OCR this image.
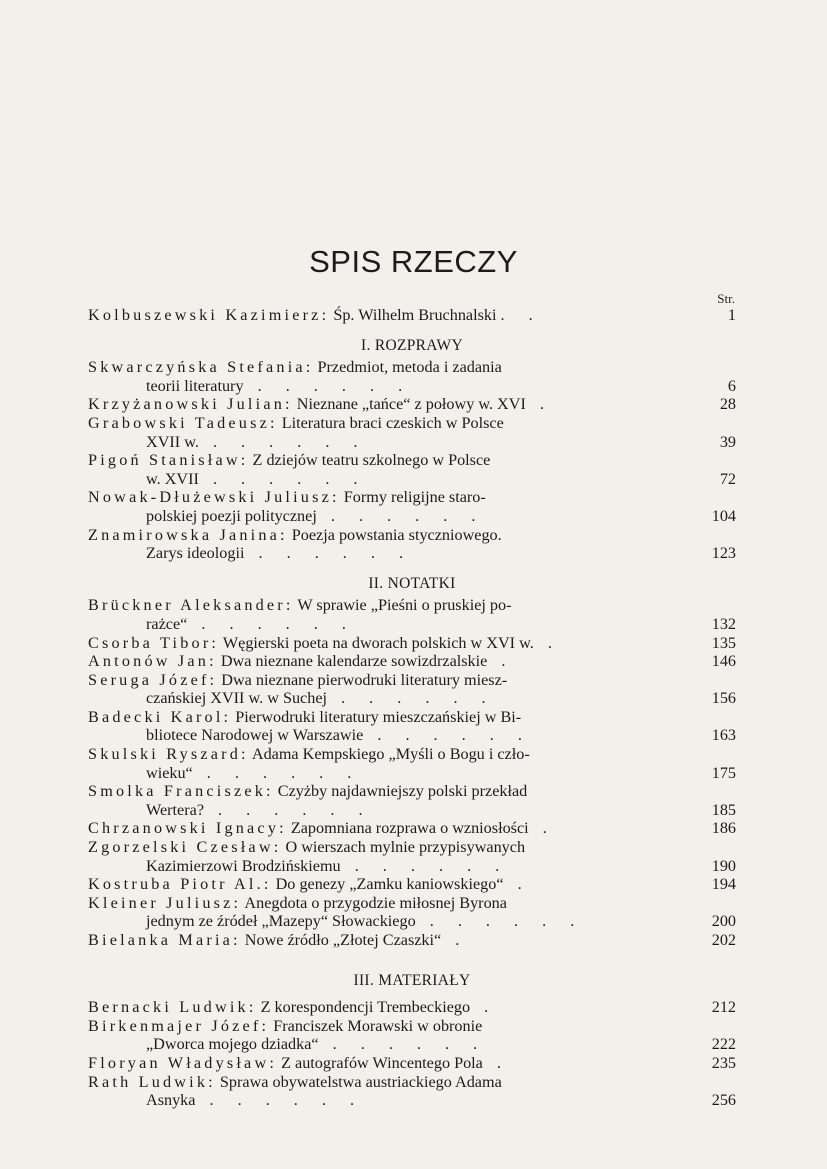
SPIS RZECZY
Str.
Kolbuszewski Kazimierz: Śp. Wilhelm Bruchnalski . .	1
I. ROZPRAWY
Skwarczyńska Stefania: Przedmiot, metoda i zadania
teorii literatury . . . . . .	6
Krzyżanowski Julian: Nieznane „tańce“ z połowy w. XVI .	28
Grabowski Tadeusz: Literatura braci czeskich w Polsce
XVII w. . . . . . .	39
Pigoń Stanisław: Z dziejów teatru szkolnego w Polsce
w. XVII . . . . . .	72
Nowak-Dłużewski Juliusz: Formy religijne staro-
polskiej poezji politycznej . . . . . .	104
Znamirowska Janina: Poezja powstania styczniowego.
Zarys ideologii . . . . . .	123
II. NOTATKI
Brückner Aleksander: W sprawie „Pieśni o pruskiej po-
rażce“ . . . . . .	132
Csorba Tibor: Węgierski poeta na dworach polskich w XVI w. .	135
Antonów Jan: Dwa nieznane kalendarze sowizdrzalskie .	146
Seruga Józef: Dwa nieznane pierwodruki literatury miesz-
czańskiej XVII w. w Suchej . . . . . .	156
Badecki Karol: Pierwodruki literatury mieszczańskiej w Bi-
bliotece Narodowej w Warszawie . . . . . .	163
Skulski Ryszard: Adama Kempskiego „Myśli o Bogu i czło-
wieku“ . . . . . .	175
Smolka Franciszek: Czyżby najdawniejszy polski przekład
Wertera? . . . . . .	185
Chrzanowski Ignacy: Zapomniana rozprawa o wzniosłości .	186
Zgorzelski Czesław: O wierszach mylnie przypisywanych
Kazimierzowi Brodzińskiemu . . . . . .	190
Kostruba Piotr Al.: Do genezy „Zamku kaniowskiego“ .	194
Kleiner Juliusz: Anegdota o przygodzie miłosnej Byrona
jednym ze źródeł „Mazepy“ Słowackiego . . . . . .	200
Bielanka Maria: Nowe źródło „Złotej Czaszki“ .	202
III. MATERIAŁY
Bernacki Ludwik: Z korespondencji Trembeckiego .	212
Birkenmajer Józef: Franciszek Morawski w obronie
„Dworca mojego dziadka“ . . . . . .	222
Floryan Władysław: Z autografów Wincentego Pola .	235
Rath Ludwik: Sprawa obywatelstwa austriackiego Adama
Asnyka . . . . . .	256
